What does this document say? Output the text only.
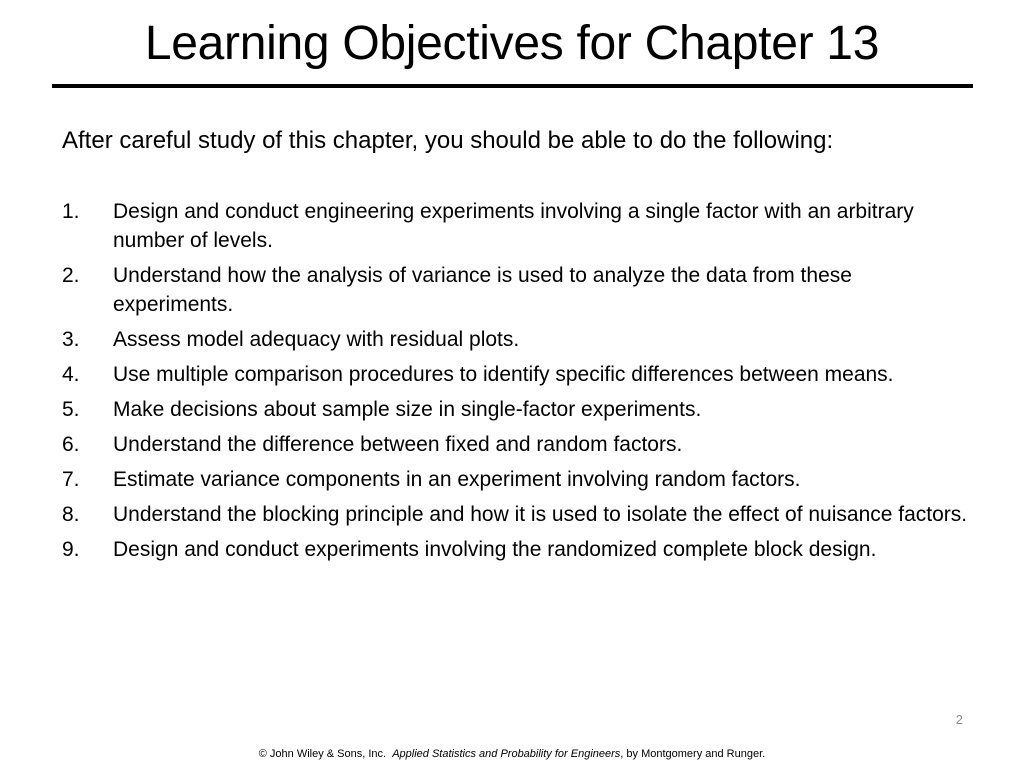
Learning Objectives for Chapter 13

After careful study of this chapter, you should be able to do the following:

1. Design and conduct engineering experiments involving a single factor with an arbitrary number of levels.
2. Understand how the analysis of variance is used to analyze the data from these experiments.
3. Assess model adequacy with residual plots.
4. Use multiple comparison procedures to identify specific differences between means.
5. Make decisions about sample size in single-factor experiments.
6. Understand the difference between fixed and random factors.
7. Estimate variance components in an experiment involving random factors.
8. Understand the blocking principle and how it is used to isolate the effect of nuisance factors.
9. Design and conduct experiments involving the randomized complete block design.
2
© John Wiley & Sons, Inc. Applied Statistics and Probability for Engineers, by Montgomery and Runger.
